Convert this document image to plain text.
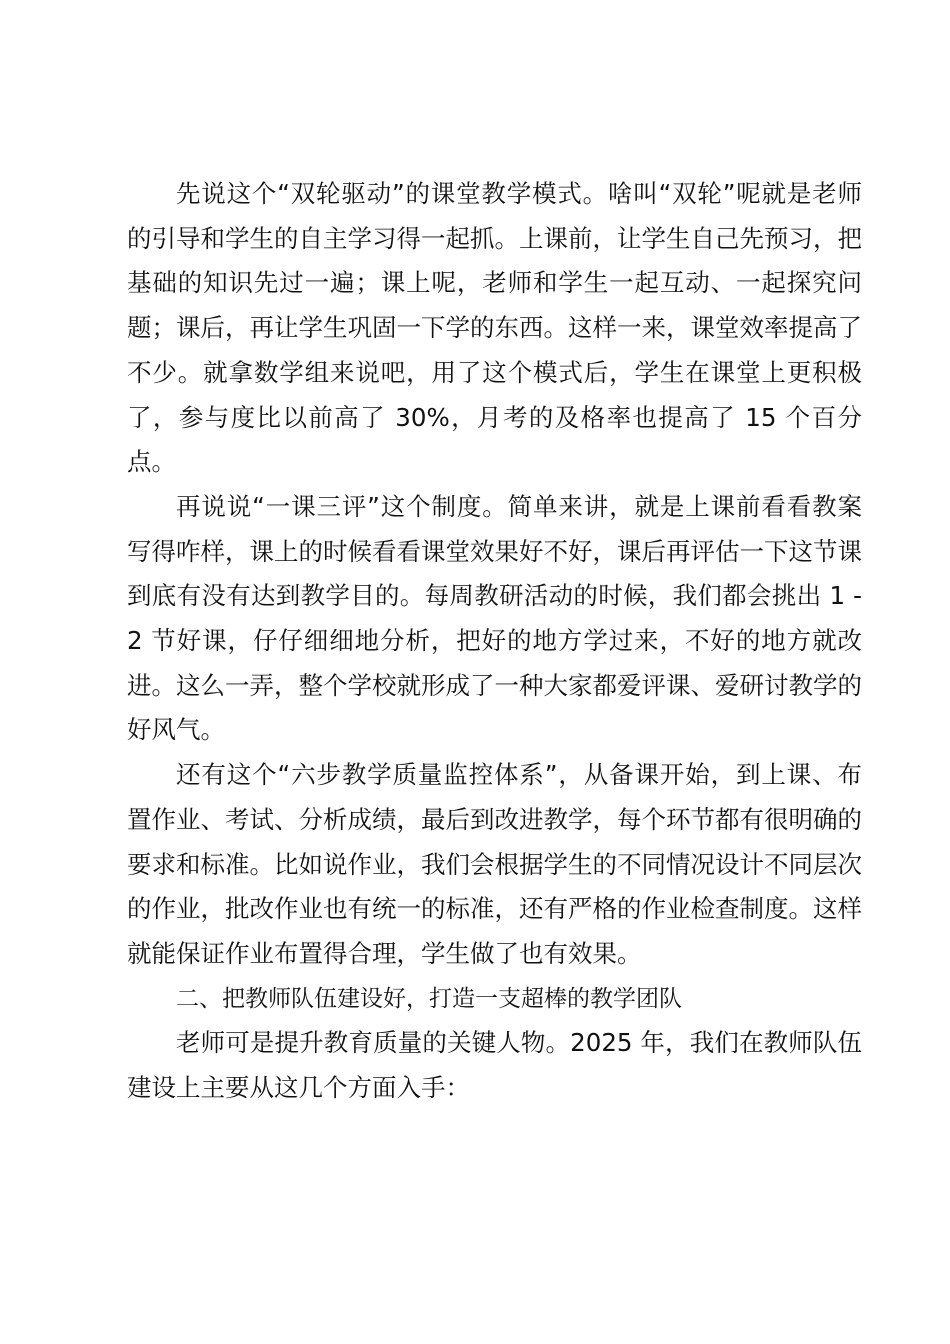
先说这个“双轮驱动”的课堂教学模式。啥叫“双轮”呢就是老师的引导和学生的自主学习得一起抓。上课前，让学生自己先预习，把基础的知识先过一遍；课上呢，老师和学生一起互动、一起探究问题；课后，再让学生巩固一下学的东西。这样一来，课堂效率提高了不少。就拿数学组来说吧，用了这个模式后，学生在课堂上更积极了，参与度比以前高了 30%，月考的及格率也提高了 15 个百分点。

再说说“一课三评”这个制度。简单来讲，就是上课前看看教案写得咋样，课上的时候看看课堂效果好不好，课后再评估一下这节课到底有没有达到教学目的。每周教研活动的时候，我们都会挑出 1 - 2 节好课，仔仔细细地分析，把好的地方学过来，不好的地方就改进。这么一弄，整个学校就形成了一种大家都爱评课、爱研讨教学的好风气。

还有这个“六步教学质量监控体系”，从备课开始，到上课、布置作业、考试、分析成绩，最后到改进教学，每个环节都有很明确的要求和标准。比如说作业，我们会根据学生的不同情况设计不同层次的作业，批改作业也有统一的标准，还有严格的作业检查制度。这样就能保证作业布置得合理，学生做了也有效果。

二、把教师队伍建设好，打造一支超棒的教学团队

老师可是提升教育质量的关键人物。2025 年，我们在教师队伍建设上主要从这几个方面入手：
